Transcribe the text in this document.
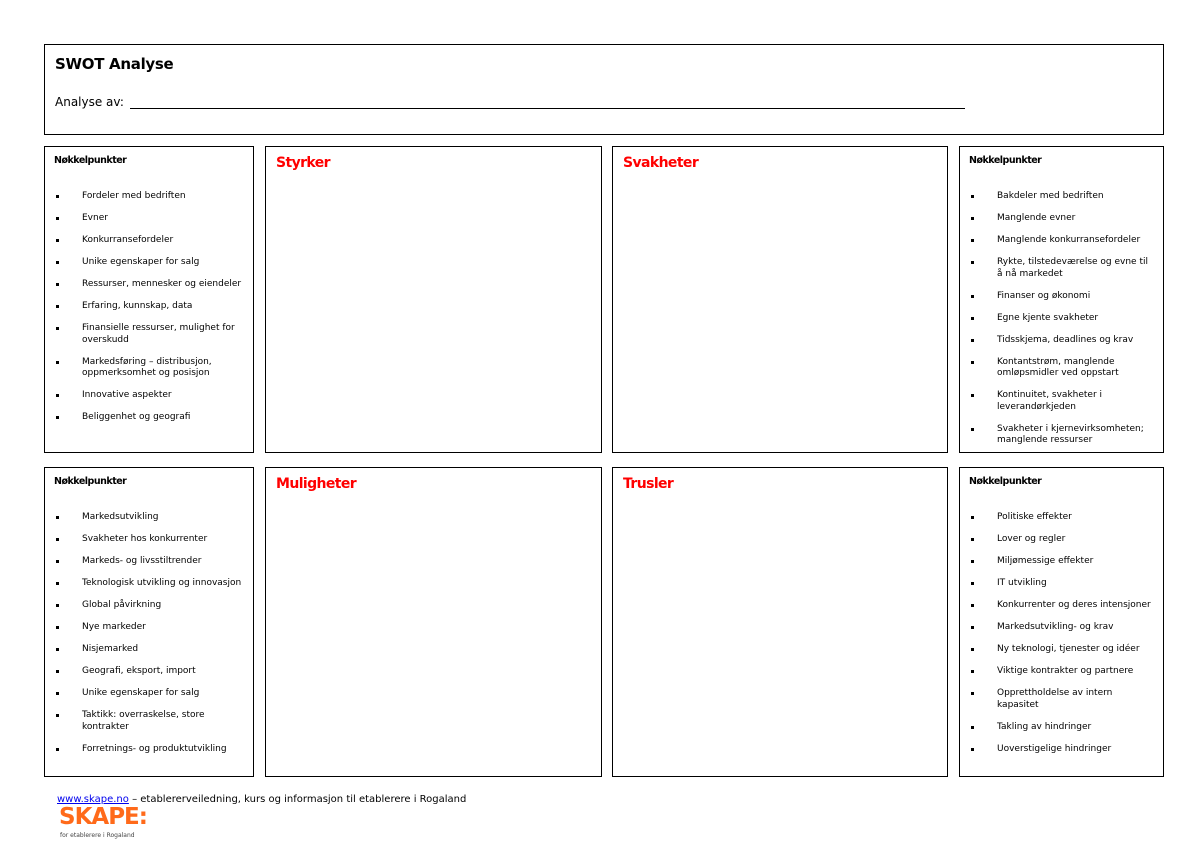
SWOT Analyse
Analyse av:
Nøkkelpunkter
Fordeler med bedriften
Evner
Konkurransefordeler
Unike egenskaper for salg
Ressurser, mennesker og eiendeler
Erfaring, kunnskap, data
Finansielle ressurser, mulighet for overskudd
Markedsføring – distribusjon, oppmerksomhet og posisjon
Innovative aspekter
Beliggenhet og geografi
Styrker	Svakheter	Nøkkelpunkter
Bakdeler med bedriften
Manglende evner
Manglende konkurransefordeler
Rykte, tilstedeværelse og evne til å nå markedet
Finanser og økonomi
Egne kjente svakheter
Tidsskjema, deadlines og krav
Kontantstrøm, manglende omløpsmidler ved oppstart
Kontinuitet, svakheter i leverandørkjeden
Svakheter i kjernevirksomheten; manglende ressurser
Nøkkelpunkter
Markedsutvikling
Svakheter hos konkurrenter
Markeds- og livsstiltrender
Teknologisk utvikling og innovasjon
Global påvirkning
Nye markeder
Nisjemarked
Geografi, eksport, import
Unike egenskaper for salg
Taktikk: overraskelse, store kontrakter
Forretnings- og produktutvikling
Muligheter	Trusler	Nøkkelpunkter
Politiske effekter
Lover og regler
Miljømessige effekter
IT utvikling
Konkurrenter og deres intensjoner
Markedsutvikling- og krav
Ny teknologi, tjenester og idéer
Viktige kontrakter og partnere
Opprettholdelse av intern kapasitet
Takling av hindringer
Uoverstigelige hindringer
www.skape.no – etablererveiledning, kurs og informasjon til etablerere i Rogaland
SKAPE:
for etablerere i Rogaland
